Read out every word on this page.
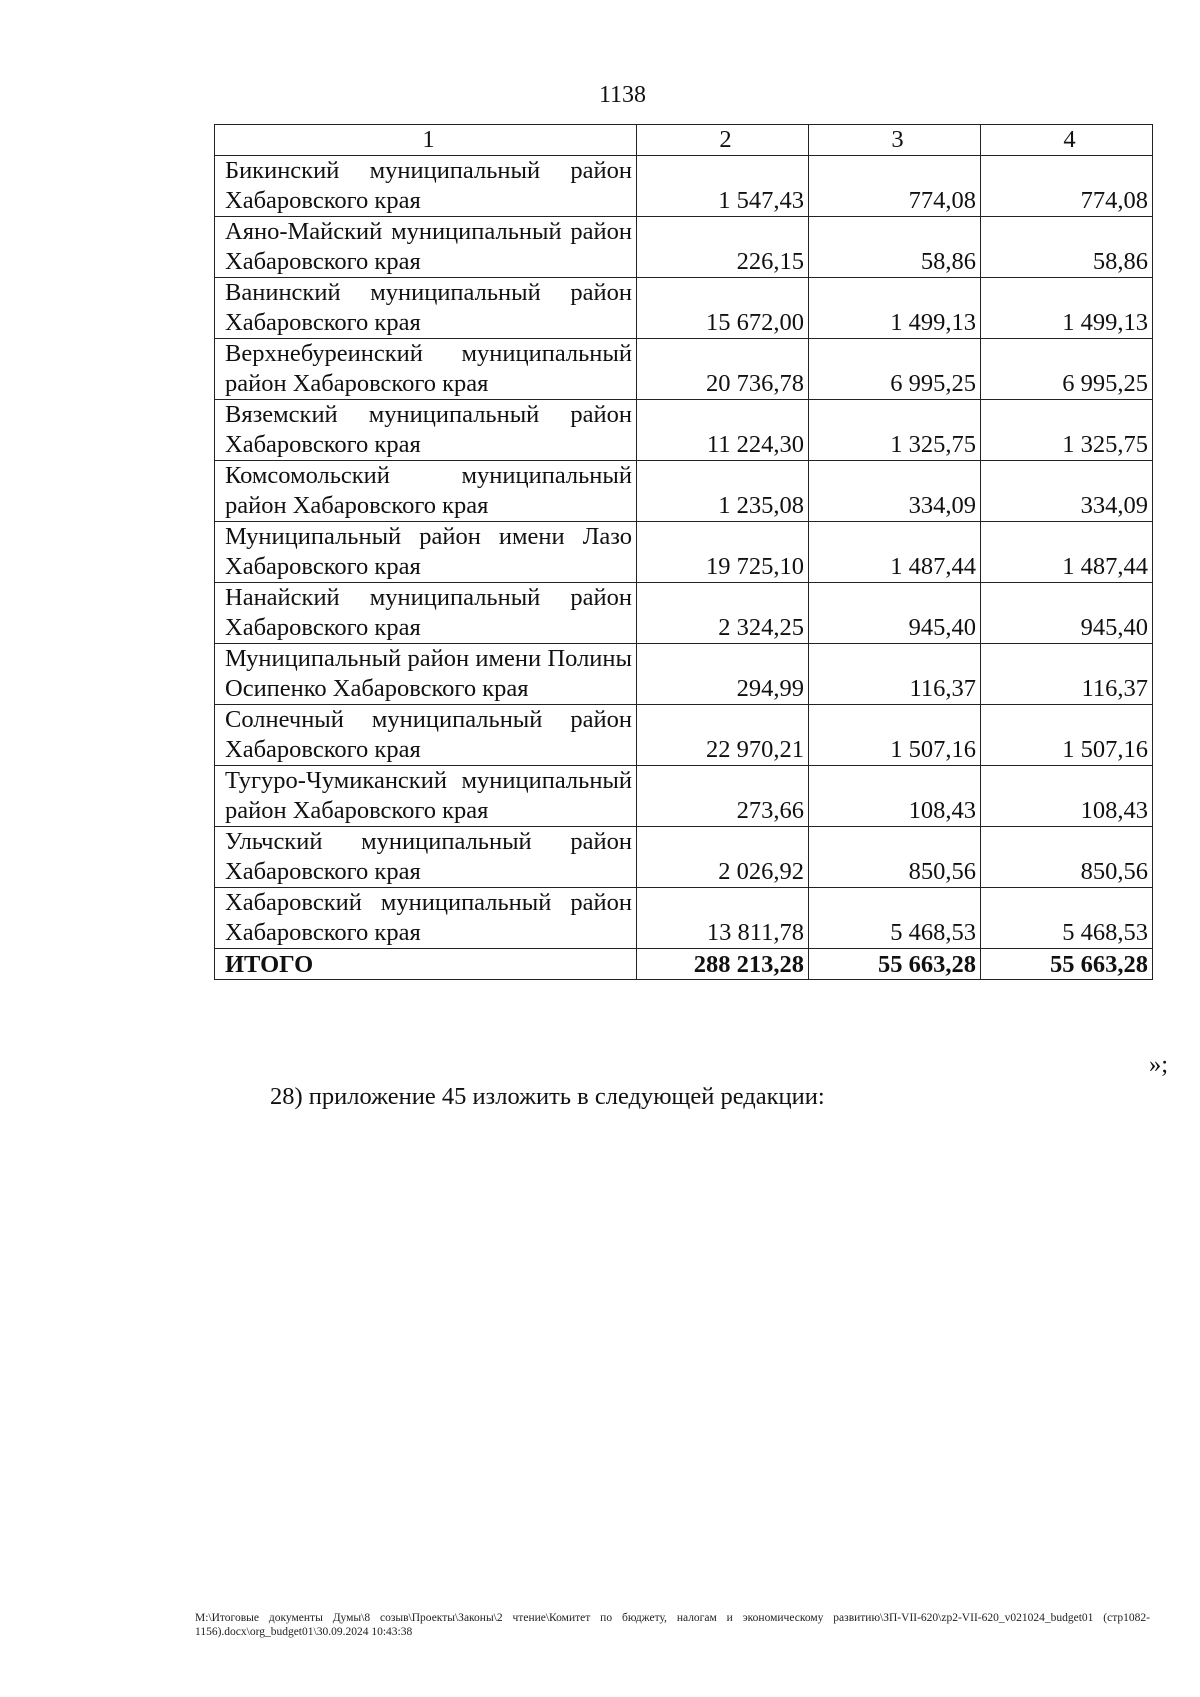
1138
1	2	3	4
Бикинский муниципальный район Хабаровского края	1 547,43	774,08	774,08
Аяно-Майский муниципальный район Хабаровского края	226,15	58,86	58,86
Ванинский муниципальный район Хабаровского края	15 672,00	1 499,13	1 499,13
Верхнебуреинский муниципальный район Хабаровского края	20 736,78	6 995,25	6 995,25
Вяземский муниципальный район Хабаровского края	11 224,30	1 325,75	1 325,75
Комсомольский муниципальный район Хабаровского края	1 235,08	334,09	334,09
Муниципальный район имени Лазо Хабаровского края	19 725,10	1 487,44	1 487,44
Нанайский муниципальный район Хабаровского края	2 324,25	945,40	945,40
Муниципальный район имени Полины Осипенко Хабаровского края	294,99	116,37	116,37
Солнечный муниципальный район Хабаровского края	22 970,21	1 507,16	1 507,16
Тугуро-Чумиканский муниципальный район Хабаровского края	273,66	108,43	108,43
Ульчский муниципальный район Хабаровского края	2 026,92	850,56	850,56
Хабаровский муниципальный район Хабаровского края	13 811,78	5 468,53	5 468,53
ИТОГО	288 213,28	55 663,28	55 663,28
»;
28) приложение 45 изложить в следующей редакции:
М:\Итоговые документы Думы\8 созыв\Проекты\Законы\2 чтение\Комитет по бюджету, налогам и экономическому развитию\ЗП-VII-620\zp2-VII-620_v021024_budget01 (стр1082-1156).docx\org_budget01\30.09.2024 10:43:38
